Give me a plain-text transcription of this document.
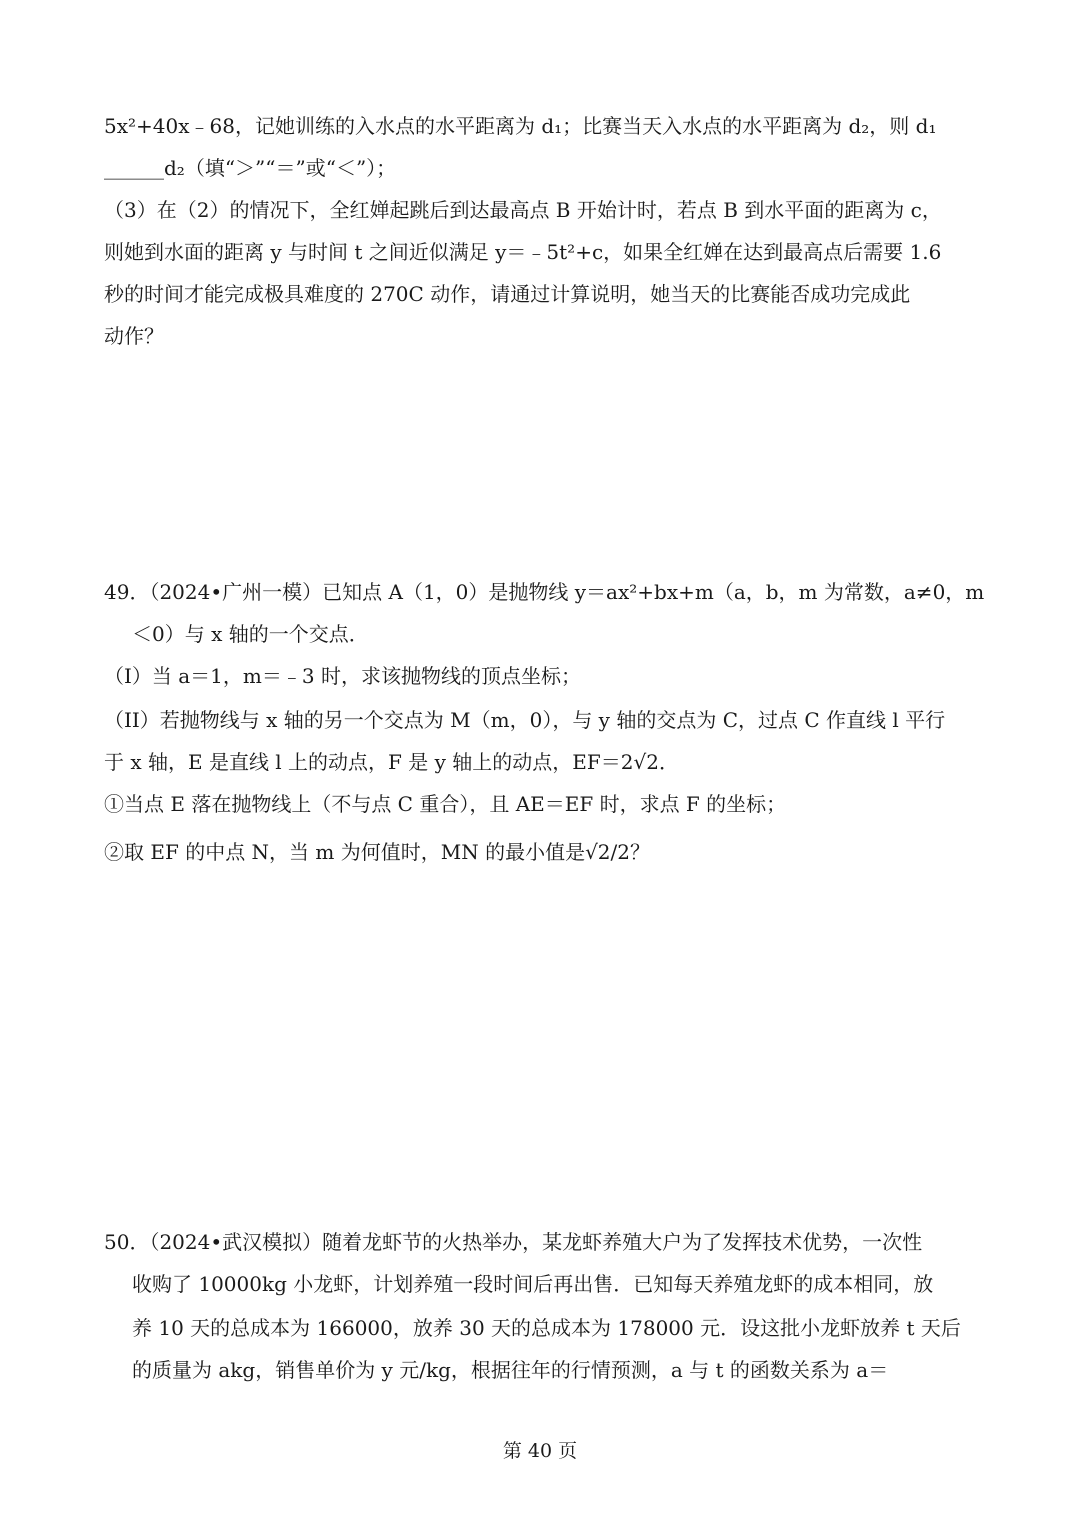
5x²+40x﹣68，记她训练的入水点的水平距离为 d₁；比赛当天入水点的水平距离为 d₂，则 d₁
______d₂（填“＞”“＝”或“＜”）；
（3）在（2）的情况下，全红婵起跳后到达最高点 B 开始计时，若点 B 到水平面的距离为 c，
则她到水面的距离 y 与时间 t 之间近似满足 y＝﹣5t²+c，如果全红婵在达到最高点后需要 1.6
秒的时间才能完成极具难度的 270C 动作，请通过计算说明，她当天的比赛能否成功完成此
动作？
49．（2024•广州一模）已知点 A（1，0）是抛物线 y＝ax²+bx+m（a，b，m 为常数，a≠0，m
＜0）与 x 轴的一个交点．
（I）当 a＝1，m＝﹣3 时，求该抛物线的顶点坐标；
（II）若抛物线与 x 轴的另一个交点为 M（m，0），与 y 轴的交点为 C，过点 C 作直线 l 平行
于 x 轴，E 是直线 l 上的动点，F 是 y 轴上的动点，EF＝2√2．
①当点 E 落在抛物线上（不与点 C 重合），且 AE＝EF 时，求点 F 的坐标；
②取 EF 的中点 N，当 m 为何值时，MN 的最小值是√2/2？
50．（2024•武汉模拟）随着龙虾节的火热举办，某龙虾养殖大户为了发挥技术优势，一次性
收购了 10000kg 小龙虾，计划养殖一段时间后再出售．已知每天养殖龙虾的成本相同，放
养 10 天的总成本为 166000，放养 30 天的总成本为 178000 元．设这批小龙虾放养 t 天后
的质量为 akg，销售单价为 y 元/kg，根据往年的行情预测，a 与 t 的函数关系为 a＝
第 40 页
